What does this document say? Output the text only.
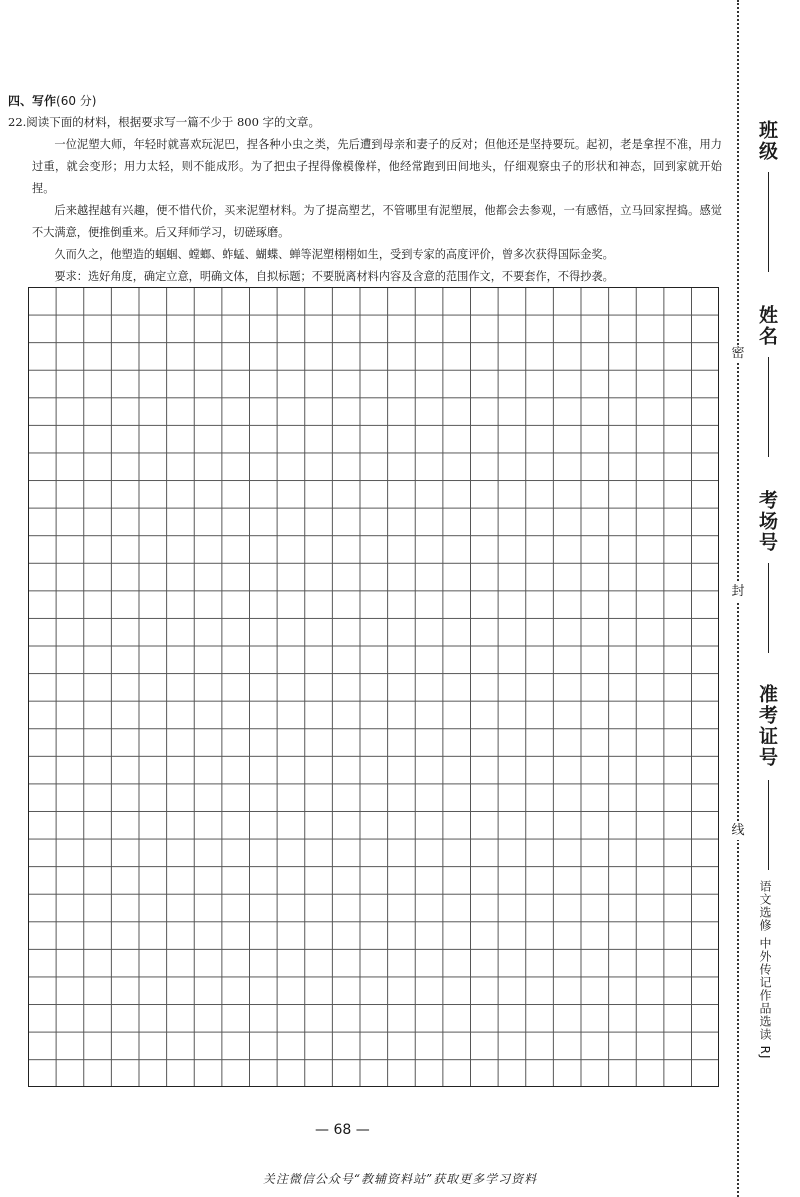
四、写作(60 分)
22.阅读下面的材料，根据要求写一篇不少于 800 字的文章。

一位泥塑大师，年轻时就喜欢玩泥巴，捏各种小虫之类，先后遭到母亲和妻子的反对；但他还是坚持要玩。起初，老是拿捏不准，用力过重，就会变形；用力太轻，则不能成形。为了把虫子捏得像模像样，他经常跑到田间地头，仔细观察虫子的形状和神态，回到家就开始捏。

后来越捏越有兴趣，便不惜代价，买来泥塑材料。为了提高塑艺，不管哪里有泥塑展，他都会去参观，一有感悟，立马回家捏捣。感觉不大满意，便推倒重来。后又拜师学习，切磋琢磨。

久而久之，他塑造的蝈蝈、螳螂、蚱蜢、蝴蝶、蝉等泥塑栩栩如生，受到专家的高度评价，曾多次获得国际金奖。

要求：选好角度，确定立意，明确文体，自拟标题；不要脱离材料内容及含意的范围作文，不要套作，不得抄袭。

— 68 —
关注微信公众号“教辅资料站”获取更多学习资料
密
封
线
班级
姓名
考场号
准考证号
语文选修 中外传记作品选读 RJ
